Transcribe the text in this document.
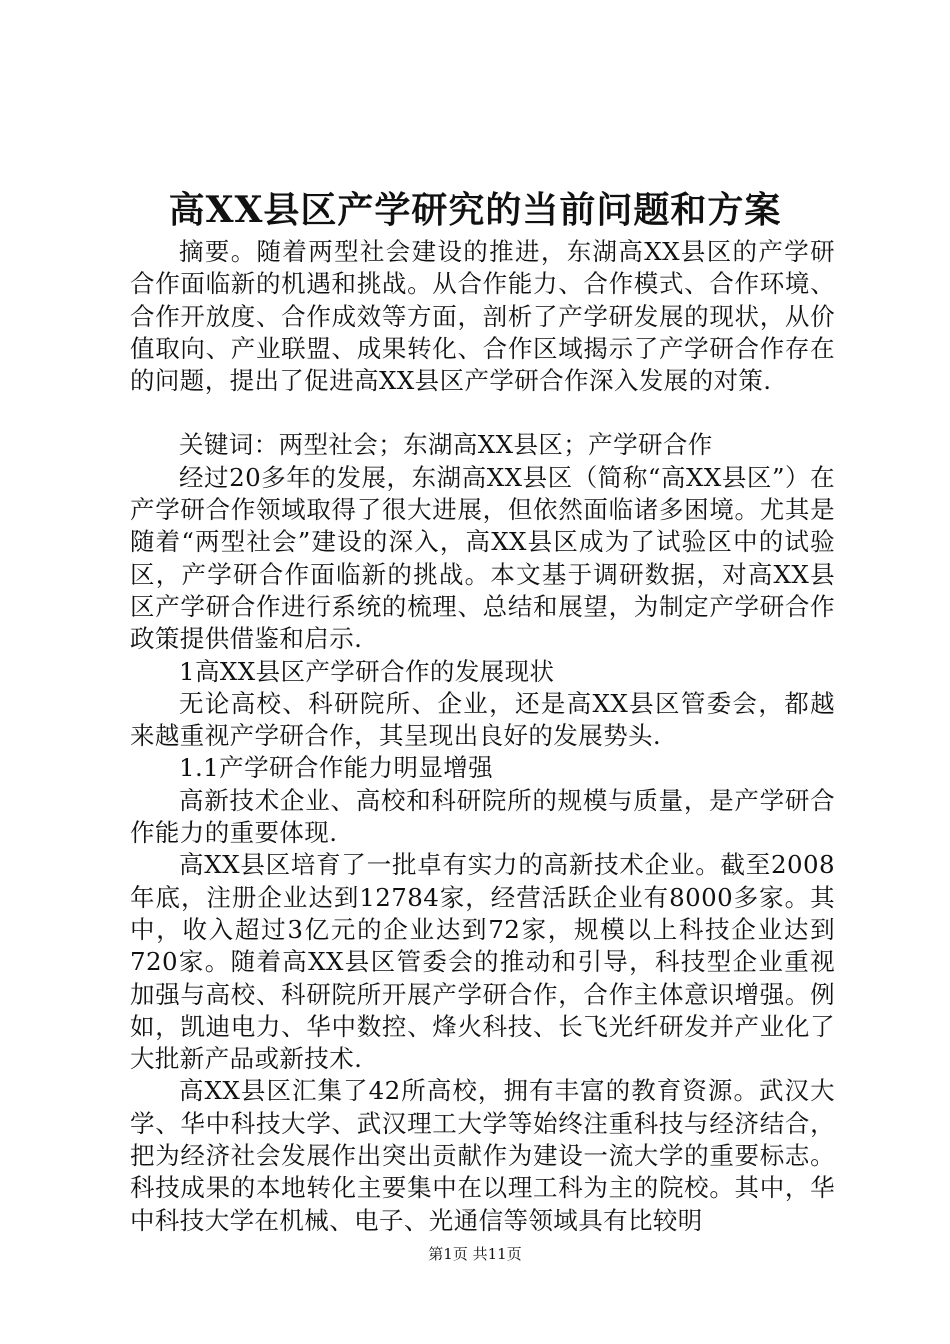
高XX县区产学研究的当前问题和方案

摘要。随着两型社会建设的推进，东湖高XX县区的产学研合作面临新的机遇和挑战。从合作能力、合作模式、合作环境、合作开放度、合作成效等方面，剖析了产学研发展的现状，从价值取向、产业联盟、成果转化、合作区域揭示了产学研合作存在的问题，提出了促进高XX县区产学研合作深入发展的对策.

关键词：两型社会；东湖高XX县区；产学研合作

经过20多年的发展，东湖高XX县区（简称“高XX县区”）在产学研合作领域取得了很大进展，但依然面临诸多困境。尤其是随着“两型社会”建设的深入，高XX县区成为了试验区中的试验区，产学研合作面临新的挑战。本文基于调研数据，对高XX县区产学研合作进行系统的梳理、总结和展望，为制定产学研合作政策提供借鉴和启示.

1高XX县区产学研合作的发展现状

无论高校、科研院所、企业，还是高XX县区管委会，都越来越重视产学研合作，其呈现出良好的发展势头.

1.1产学研合作能力明显增强

高新技术企业、高校和科研院所的规模与质量，是产学研合作能力的重要体现.

高XX县区培育了一批卓有实力的高新技术企业。截至2008年底，注册企业达到12784家，经营活跃企业有8000多家。其中，收入超过3亿元的企业达到72家，规模以上科技企业达到720家。随着高XX县区管委会的推动和引导，科技型企业重视加强与高校、科研院所开展产学研合作，合作主体意识增强。例如，凯迪电力、华中数控、烽火科技、长飞光纤研发并产业化了大批新产品或新技术.

高XX县区汇集了42所高校，拥有丰富的教育资源。武汉大学、华中科技大学、武汉理工大学等始终注重科技与经济结合，把为经济社会发展作出突出贡献作为建设一流大学的重要标志。科技成果的本地转化主要集中在以理工科为主的院校。其中，华中科技大学在机械、电子、光通信等领域具有比较明

第1页 共11页
